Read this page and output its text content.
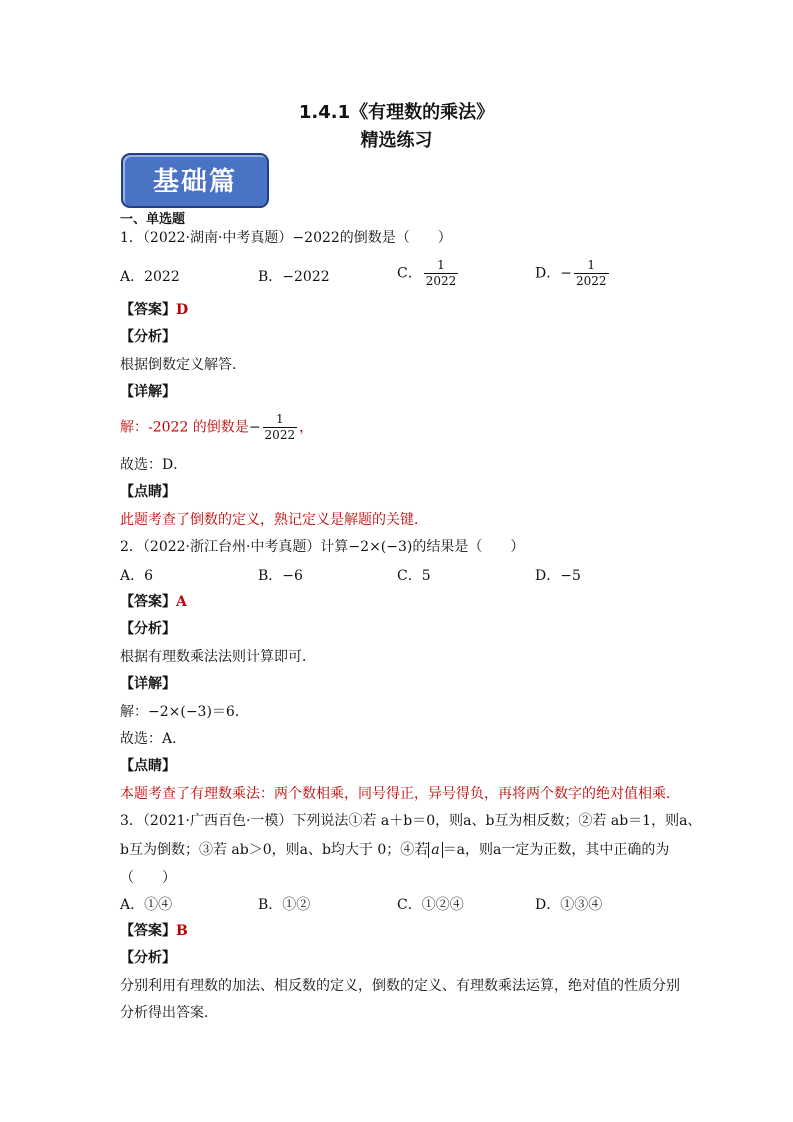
1.4.1《有理数的乘法》
精选练习
基础篇
一、单选题
1．（2022·湖南·中考真题）−2022的倒数是（　　）
A．2022	B．−2022	C． $\frac{1}{2022}$	D．− $\frac{1}{2022}$
【答案】D
【分析】
根据倒数定义解答．
【详解】
解：-2022 的倒数是− $\frac{1}{2022}$ ，
故选：D．
【点睛】
此题考查了倒数的定义，熟记定义是解题的关键．
2．（2022·浙江台州·中考真题）计算−2×(−3)的结果是（　　）
A．6	B．−6	C．5	D．−5
【答案】A
【分析】
根据有理数乘法法则计算即可．
【详解】
解：−2×(−3)＝6．
故选：A．
【点睛】
本题考查了有理数乘法：两个数相乘，同号得正，异号得负，再将两个数字的绝对值相乘．
3．（2021·广西百色·一模）下列说法①若 a＋b＝0，则a、b互为相反数；②若 ab＝1，则a、
b互为倒数；③若 ab＞0，则a、b均大于 0；④若 a ＝a，则a一定为正数，其中正确的为
（　　）
A．①④	B．①②	C．①②④	D．①③④
【答案】B
【分析】
分别利用有理数的加法、相反数的定义，倒数的定义、有理数乘法运算，绝对值的性质分别
分析得出答案．
